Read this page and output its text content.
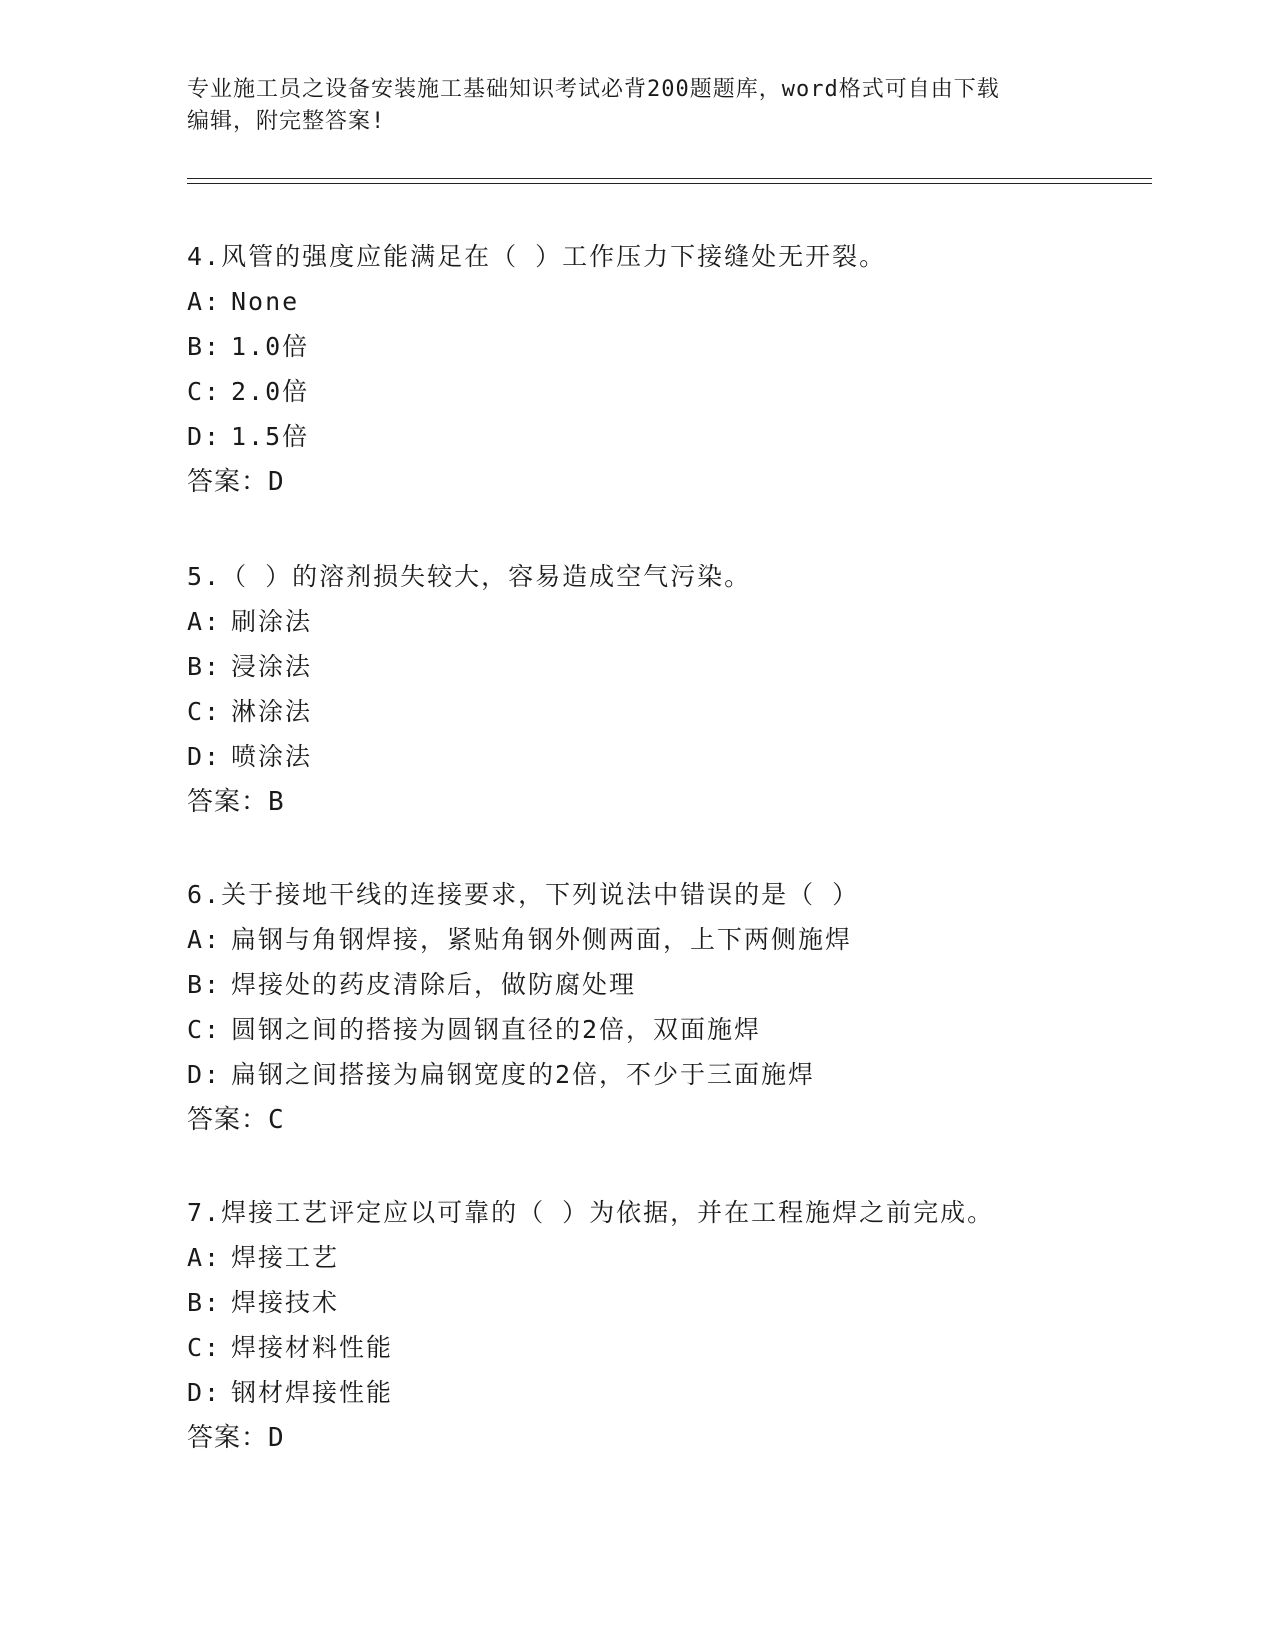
专业施工员之设备安装施工基础知识考试必背200题题库，word格式可自由下载
编辑，附完整答案!
4.风管的强度应能满足在（ ）工作压力下接缝处无开裂。
A: None
B: 1.0倍
C: 2.0倍
D: 1.5倍
答案：D
5.（ ）的溶剂损失较大，容易造成空气污染。
A: 刷涂法
B: 浸涂法
C: 淋涂法
D: 喷涂法
答案：B
6.关于接地干线的连接要求，下列说法中错误的是（ ）
A: 扁钢与角钢焊接，紧贴角钢外侧两面，上下两侧施焊
B: 焊接处的药皮清除后，做防腐处理
C: 圆钢之间的搭接为圆钢直径的2倍，双面施焊
D: 扁钢之间搭接为扁钢宽度的2倍，不少于三面施焊
答案：C
7.焊接工艺评定应以可靠的（ ）为依据，并在工程施焊之前完成。
A: 焊接工艺
B: 焊接技术
C: 焊接材料性能
D: 钢材焊接性能
答案：D
